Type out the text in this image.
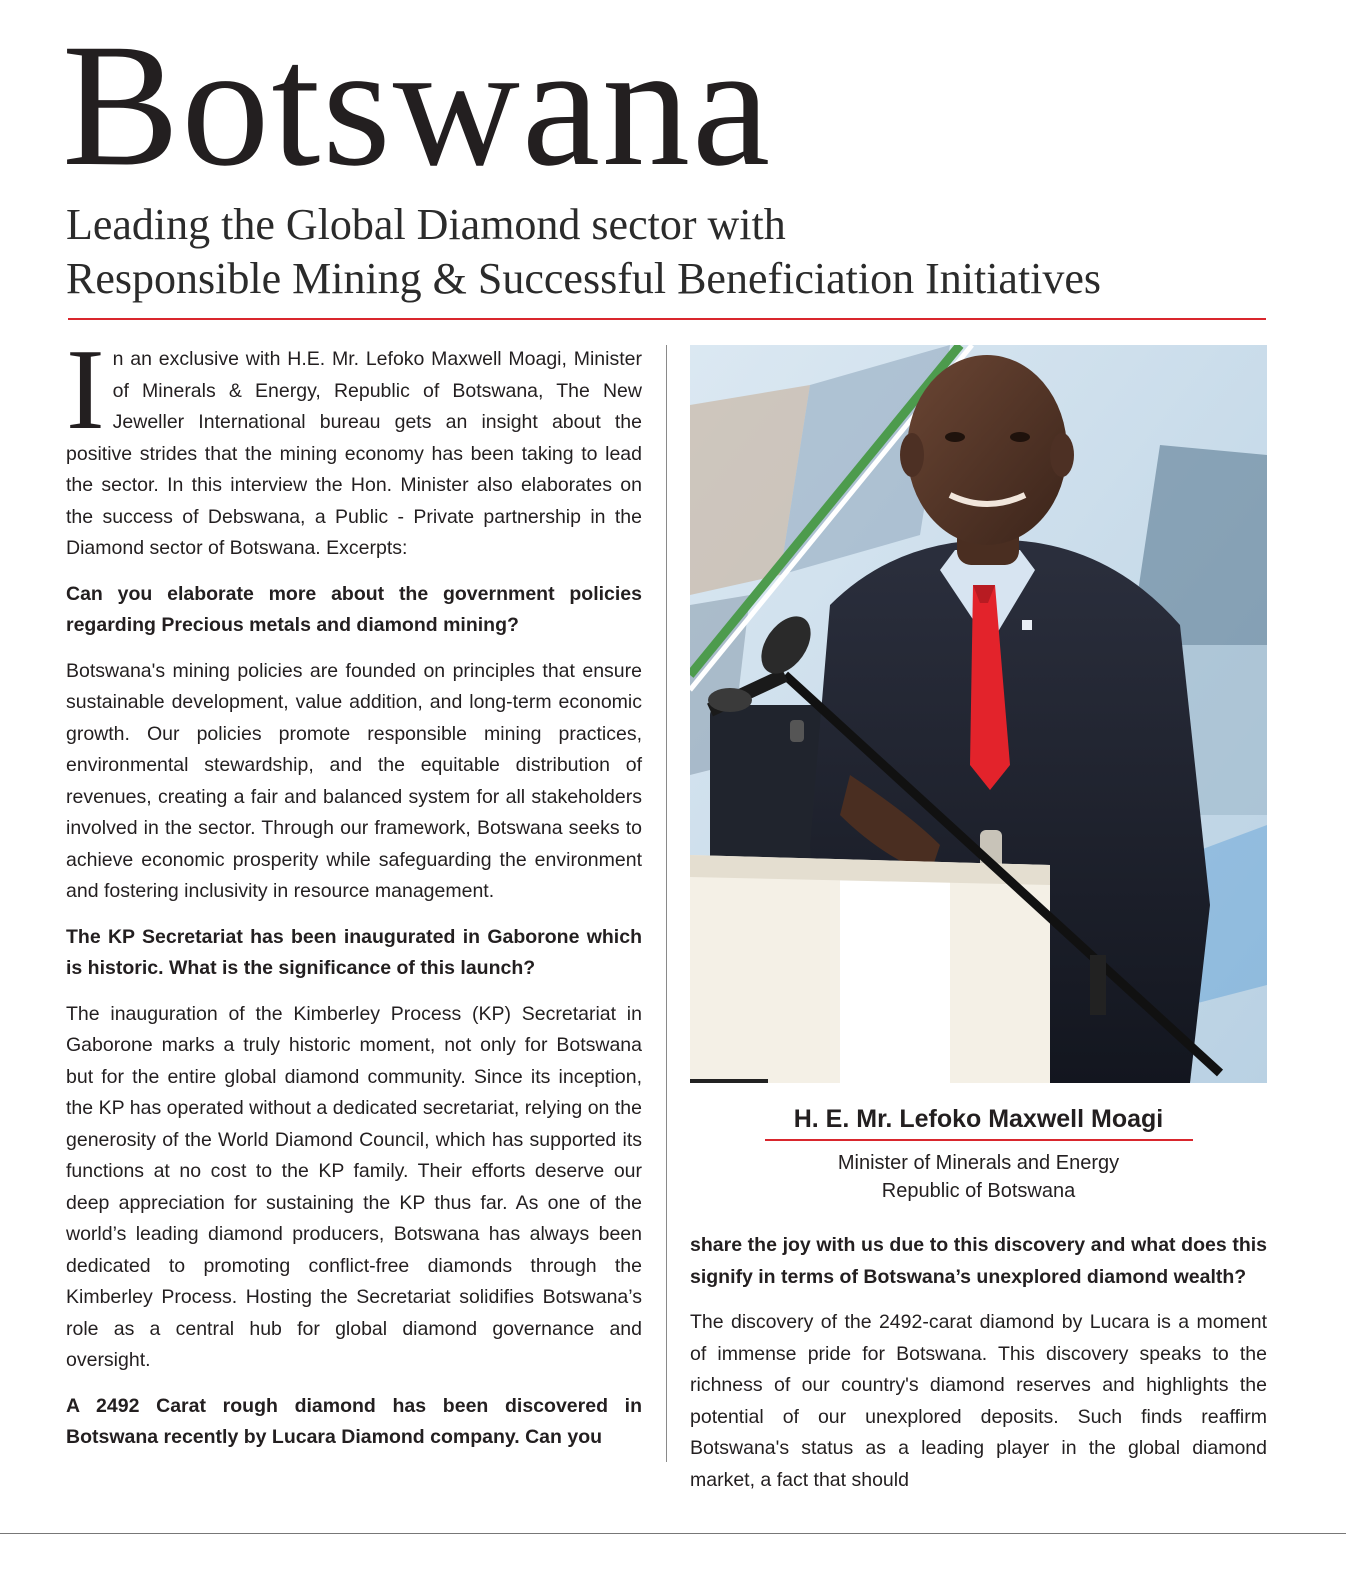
Botswana
Leading the Global Diamond sector with
Responsible Mining & Successful Beneficiation Initiatives

In an exclusive with H.E. Mr. Lefoko Maxwell Moagi, Minister of Minerals & Energy, Republic of Botswana, The New Jeweller International bureau gets an insight about the positive strides that the mining economy has been taking to lead the sector. In this interview the Hon. Minister also elaborates on the success of Debswana, a Public - Private partnership in the Diamond sector of Botswana. Excerpts:

Can you elaborate more about the government policies regarding Precious metals and diamond mining?

Botswana's mining policies are founded on principles that ensure sustainable development, value addition, and long-term economic growth. Our policies promote responsible mining practices, environmental stewardship, and the equitable distribution of revenues, creating a fair and balanced system for all stakeholders involved in the sector. Through our framework, Botswana seeks to achieve economic prosperity while safeguarding the environment and fostering inclusivity in resource management.

The KP Secretariat has been inaugurated in Gaborone which is historic. What is the significance of this launch?

The inauguration of the Kimberley Process (KP) Secretariat in Gaborone marks a truly historic moment, not only for Botswana but for the entire global diamond community. Since its inception, the KP has operated without a dedicated secretariat, relying on the generosity of the World Diamond Council, which has supported its functions at no cost to the KP family. Their efforts deserve our deep appreciation for sustaining the KP thus far. As one of the world’s leading diamond producers, Botswana has always been dedicated to promoting conflict-free diamonds through the Kimberley Process. Hosting the Secretariat solidifies Botswana’s role as a central hub for global diamond governance and oversight.

A 2492 Carat rough diamond has been discovered in Botswana recently by Lucara Diamond company. Can you

H. E. Mr. Lefoko Maxwell Moagi
Minister of Minerals and Energy
Republic of Botswana

share the joy with us due to this discovery and what does this signify in terms of Botswana’s unexplored diamond wealth?

The discovery of the 2492-carat diamond by Lucara is a moment of immense pride for Botswana. This discovery speaks to the richness of our country's diamond reserves and highlights the potential of our unexplored deposits. Such finds reaffirm Botswana's status as a leading player in the global diamond market, a fact that should
